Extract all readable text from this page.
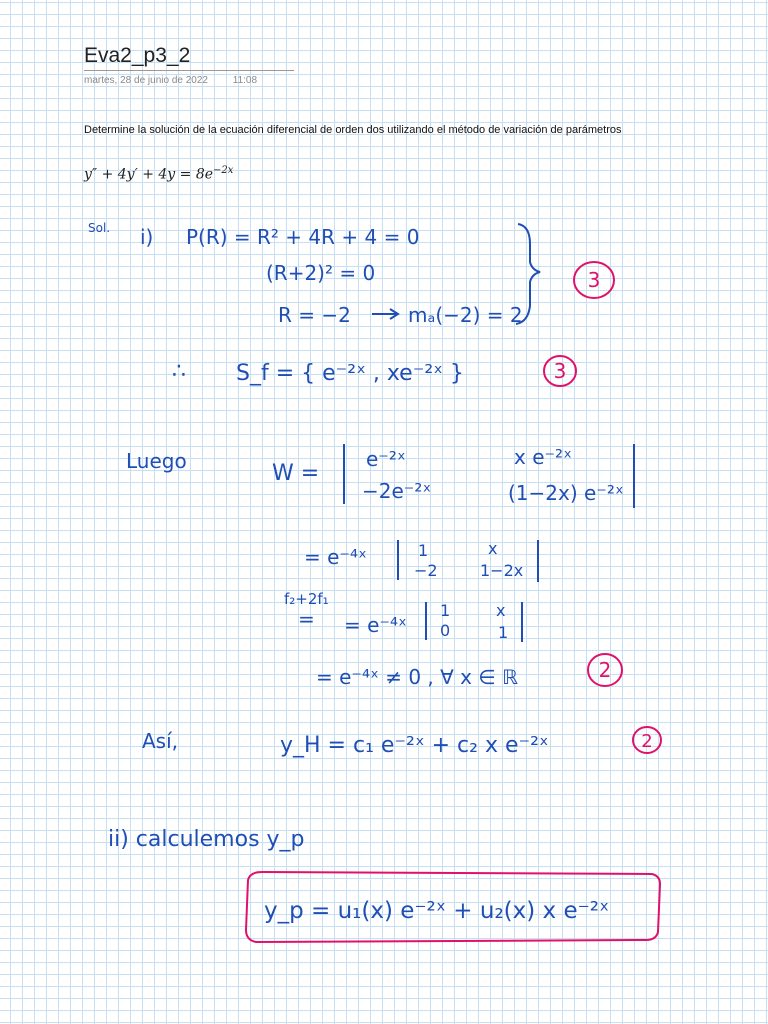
Eva2_p3_2
martes, 28 de junio de 2022 11:08
Determine la solución de la ecuación diferencial de orden dos utilizando el método de variación de parámetros
$y'' + 4y' + 4y = 8e^{-2x}$
Sol. i) P(R) = R² + 4R + 4 = 0
(R+2)² = 0
R = −2	mₐ(−2) = 2
∴ S_f = { e⁻²ˣ , xe⁻²ˣ }
Luego	W =
e⁻²ˣ	x e⁻²ˣ
−2e⁻²ˣ	(1−2x) e⁻²ˣ
= e⁻⁴ˣ	1	x
−2	1−2x
f₂+2f₁
= = e⁻⁴ˣ
1	x
0	1
= e⁻⁴ˣ ≠ 0 , ∀ x ∈ ℝ
Así,	y_H = c₁ e⁻²ˣ + c₂ x e⁻²ˣ
ii) calculemos y_p
y_p = u₁(x) e⁻²ˣ + u₂(x) x e⁻²ˣ
3
3
2
2
